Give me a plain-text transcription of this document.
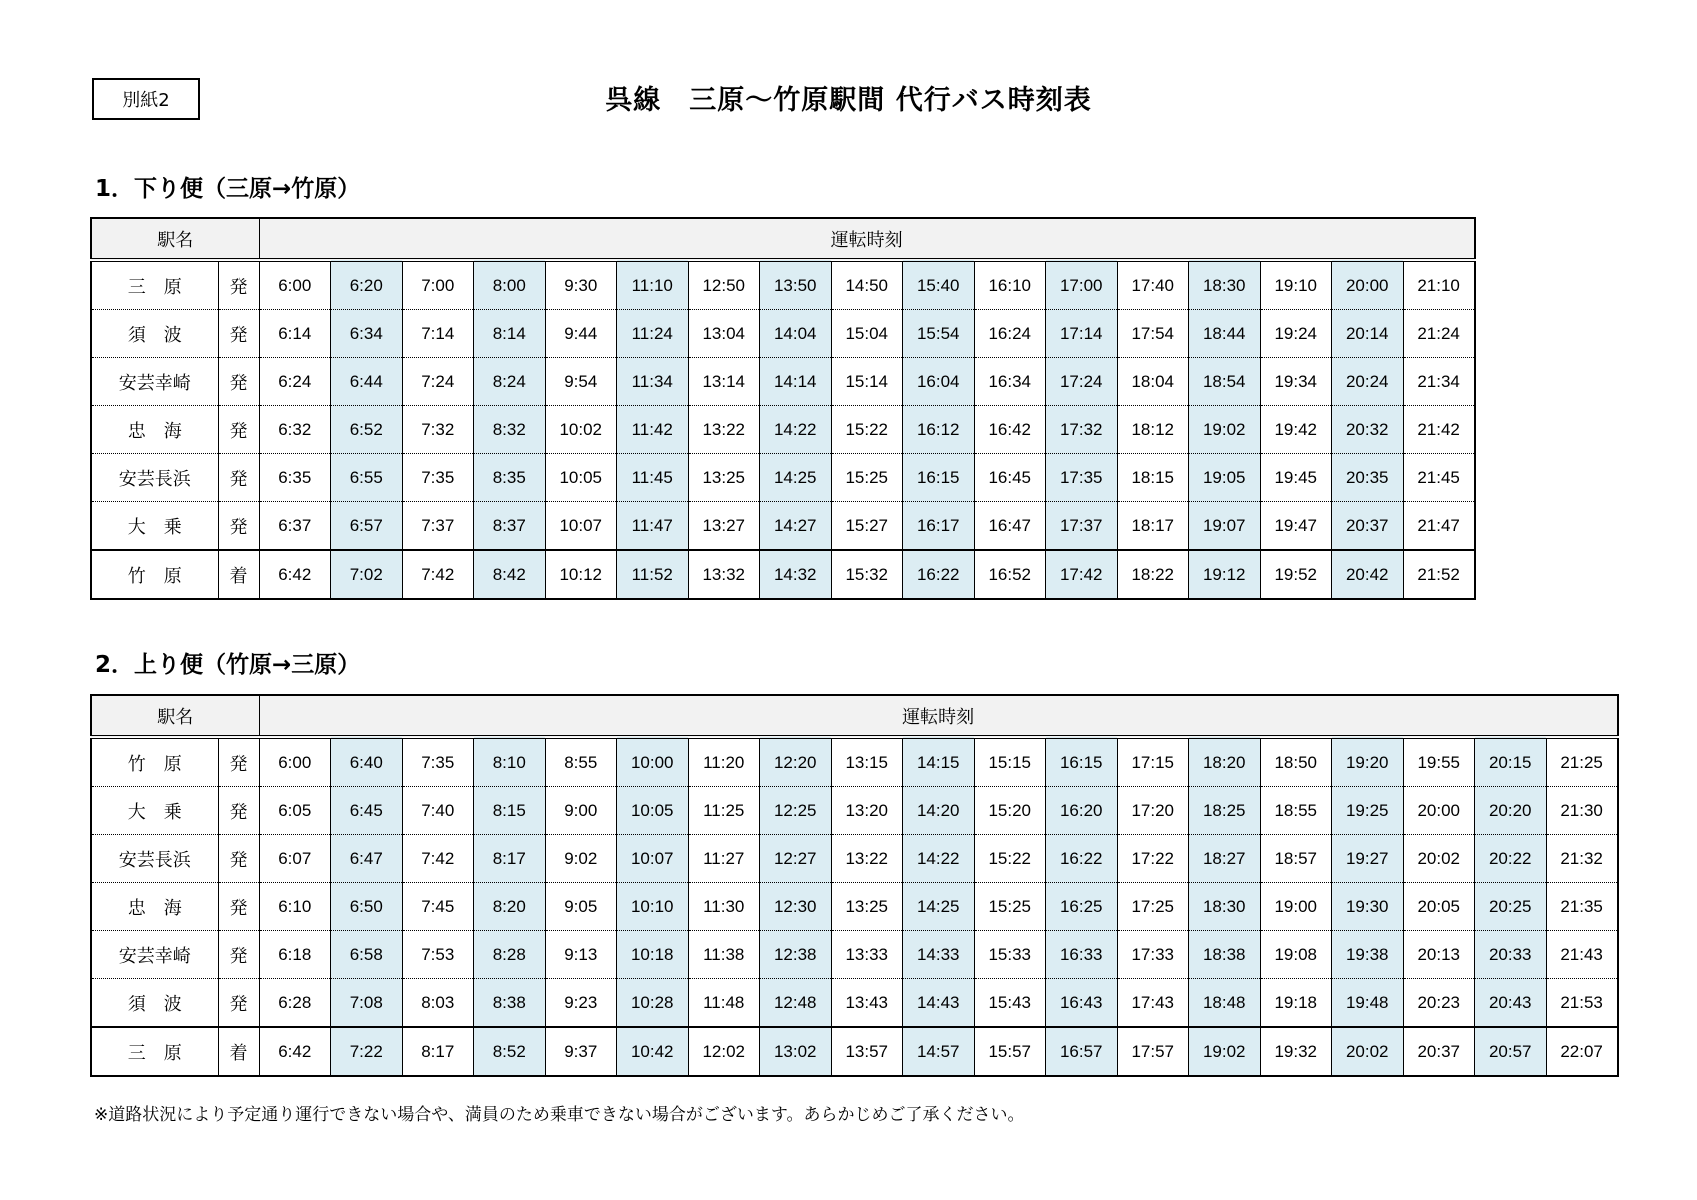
別紙2	呉線　三原～竹原駅間 代行バス時刻表
1．下り便（三原→竹原）
駅名		運転時刻																
三　原	発	6:00	6:20	7:00	8:00	9:30	11:10	12:50	13:50	14:50	15:40	16:10	17:00	17:40	18:30	19:10	20:00	21:10
須　波	発	6:14	6:34	7:14	8:14	9:44	11:24	13:04	14:04	15:04	15:54	16:24	17:14	17:54	18:44	19:24	20:14	21:24
安芸幸崎	発	6:24	6:44	7:24	8:24	9:54	11:34	13:14	14:14	15:14	16:04	16:34	17:24	18:04	18:54	19:34	20:24	21:34
忠　海	発	6:32	6:52	7:32	8:32	10:02	11:42	13:22	14:22	15:22	16:12	16:42	17:32	18:12	19:02	19:42	20:32	21:42
安芸長浜	発	6:35	6:55	7:35	8:35	10:05	11:45	13:25	14:25	15:25	16:15	16:45	17:35	18:15	19:05	19:45	20:35	21:45
大　乗	発	6:37	6:57	7:37	8:37	10:07	11:47	13:27	14:27	15:27	16:17	16:47	17:37	18:17	19:07	19:47	20:37	21:47
竹　原	着	6:42	7:02	7:42	8:42	10:12	11:52	13:32	14:32	15:32	16:22	16:52	17:42	18:22	19:12	19:52	20:42	21:52
2．上り便（竹原→三原）
駅名		運転時刻																		
竹　原	発	6:00	6:40	7:35	8:10	8:55	10:00	11:20	12:20	13:15	14:15	15:15	16:15	17:15	18:20	18:50	19:20	19:55	20:15	21:25
大　乗	発	6:05	6:45	7:40	8:15	9:00	10:05	11:25	12:25	13:20	14:20	15:20	16:20	17:20	18:25	18:55	19:25	20:00	20:20	21:30
安芸長浜	発	6:07	6:47	7:42	8:17	9:02	10:07	11:27	12:27	13:22	14:22	15:22	16:22	17:22	18:27	18:57	19:27	20:02	20:22	21:32
忠　海	発	6:10	6:50	7:45	8:20	9:05	10:10	11:30	12:30	13:25	14:25	15:25	16:25	17:25	18:30	19:00	19:30	20:05	20:25	21:35
安芸幸崎	発	6:18	6:58	7:53	8:28	9:13	10:18	11:38	12:38	13:33	14:33	15:33	16:33	17:33	18:38	19:08	19:38	20:13	20:33	21:43
須　波	発	6:28	7:08	8:03	8:38	9:23	10:28	11:48	12:48	13:43	14:43	15:43	16:43	17:43	18:48	19:18	19:48	20:23	20:43	21:53
三　原	着	6:42	7:22	8:17	8:52	9:37	10:42	12:02	13:02	13:57	14:57	15:57	16:57	17:57	19:02	19:32	20:02	20:37	20:57	22:07
※道路状況により予定通り運行できない場合や、満員のため乗車できない場合がございます。あらかじめご了承ください。
